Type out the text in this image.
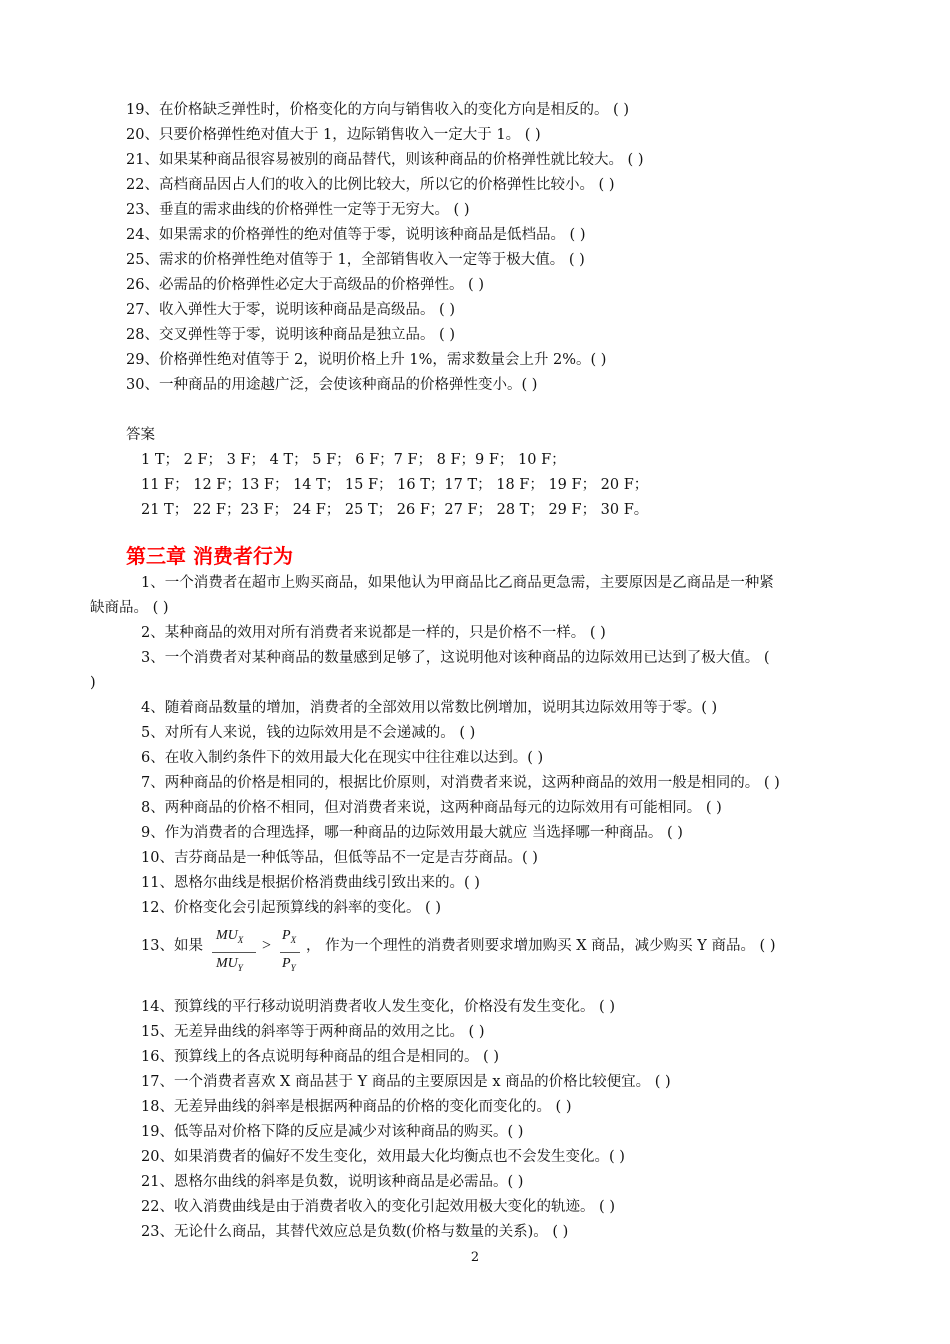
19、在价格缺乏弹性时，价格变化的方向与销售收入的变化方向是相反的。 ( )
20、只要价格弹性绝对值大于 1，边际销售收入一定大于 1。 ( )
21、如果某种商品很容易被别的商品替代，则该种商品的价格弹性就比较大。 ( )
22、高档商品因占人们的收入的比例比较大，所以它的价格弹性比较小。 ( )
23、垂直的需求曲线的价格弹性一定等于无穷大。 ( )
24、如果需求的价格弹性的绝对值等于零，说明该种商品是低档品。 ( )
25、需求的价格弹性绝对值等于 1，全部销售收入一定等于极大值。 ( )
26、必需品的价格弹性必定大于高级品的价格弹性。 ( )
27、收入弹性大于零，说明该种商品是高级品。 ( )
28、交叉弹性等于零，说明该种商品是独立品。 ( )
29、价格弹性绝对值等于 2，说明价格上升 1%，需求数量会上升 2%。( )
30、一种商品的用途越广泛，会使该种商品的价格弹性变小。( )
答案
1 T； 2 F； 3 F； 4 T； 5 F； 6 F；7 F； 8 F；9 F； 10 F；
11 F； 12 F；13 F； 14 T； 15 F； 16 T；17 T； 18 F； 19 F； 20 F；
21 T； 22 F；23 F； 24 F； 25 T； 26 F；27 F； 28 T； 29 F； 30 F。
第三章 消费者行为
1、一个消费者在超市上购买商品，如果他认为甲商品比乙商品更急需，主要原因是乙商品是一种紧
缺商品。 ( )
2、某种商品的效用对所有消费者来说都是一样的，只是价格不一样。 ( )
3、一个消费者对某种商品的数量感到足够了，这说明他对该种商品的边际效用已达到了极大值。 (
)
4、随着商品数量的增加，消费者的全部效用以常数比例增加，说明其边际效用等于零。( )
5、对所有人来说，钱的边际效用是不会递减的。 ( )
6、在收入制约条件下的效用最大化在现实中往往难以达到。( )
7、两种商品的价格是相同的，根据比价原则，对消费者来说，这两种商品的效用一般是相同的。 ( )
8、两种商品的价格不相同，但对消费者来说，这两种商品每元的边际效用有可能相同。 ( )
9、作为消费者的合理选择，哪一种商品的边际效用最大就应 当选择哪一种商品。 ( )
10、吉芬商品是一种低等品，但低等品不一定是吉芬商品。( )
11、恩格尔曲线是根据价格消费曲线引致出来的。( )
12、价格变化会引起预算线的斜率的变化。 ( )
13、如果
$MU_X$
$MU_Y$
>
$P_X$
$P_Y$
， 作为一个理性的消费者则要求增加购买 X 商品，减少购买 Y 商品。 ( )
14、预算线的平行移动说明消费者收人发生变化，价格没有发生变化。 ( )
15、无差异曲线的斜率等于两种商品的效用之比。 ( )
16、预算线上的各点说明每种商品的组合是相同的。 ( )
17、一个消费者喜欢 X 商品甚于 Y 商品的主要原因是 x 商品的价格比较便宜。 ( )
18、无差异曲线的斜率是根据两种商品的价格的变化而变化的。 ( )
19、低等品对价格下降的反应是减少对该种商品的购买。( )
20、如果消费者的偏好不发生变化，效用最大化均衡点也不会发生变化。( )
21、恩格尔曲线的斜率是负数，说明该种商品是必需品。( )
22、收入消费曲线是由于消费者收入的变化引起效用极大变化的轨迹。 ( )
23、无论什么商品，其替代效应总是负数(价格与数量的关系)。 ( )
2
